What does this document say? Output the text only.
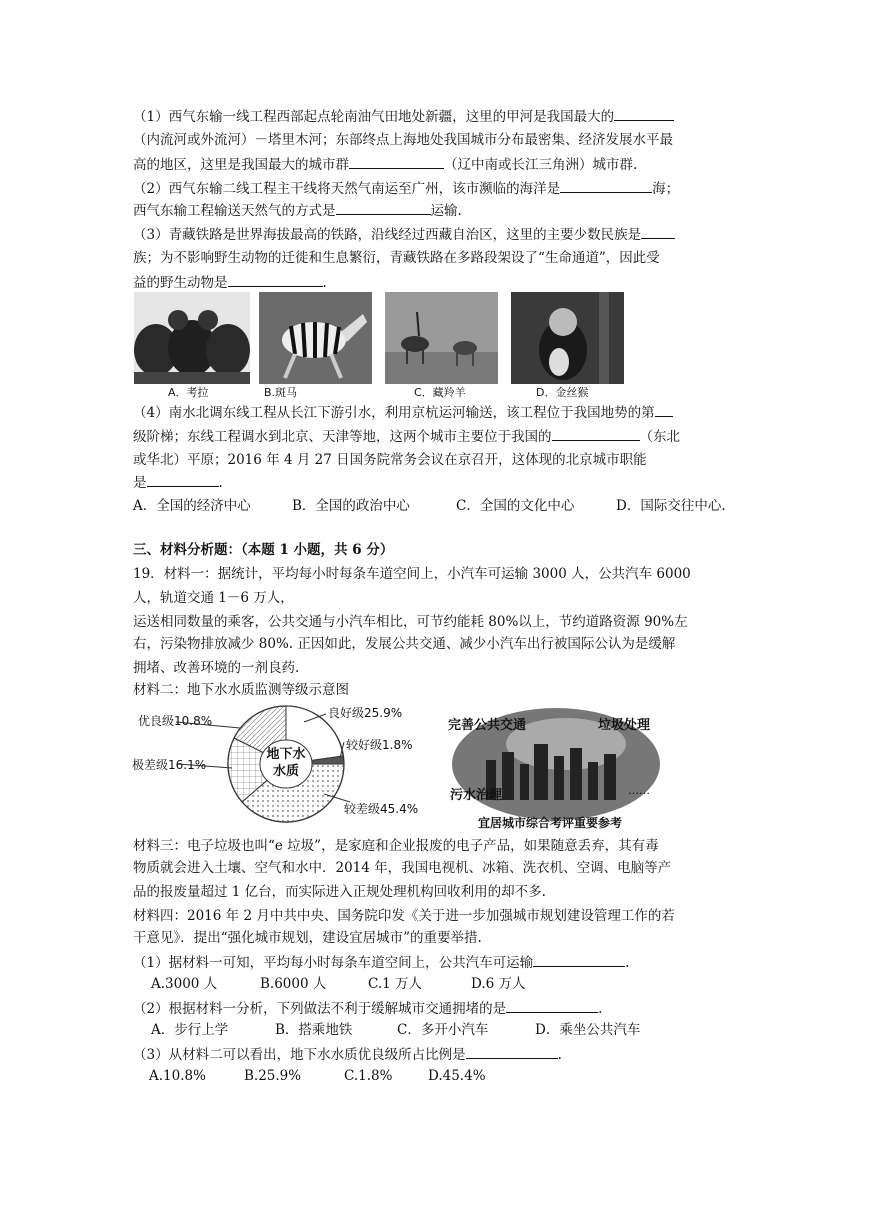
（1）西气东输一线工程西部起点轮南油气田地处新疆，这里的甲河是我国最大的
（内流河或外流河）－塔里木河；东部终点上海地处我国城市分布最密集、经济发展水平最
高的地区，这里是我国最大的城市群	（辽中南或长江三角洲）城市群.
（2）西气东输二线工程主干线将天然气南运至广州，该市濒临的海洋是	海；
西气东输工程输送天然气的方式是	运输.
（3）青藏铁路是世界海拔最高的铁路，沿线经过西藏自治区，这里的主要少数民族是
族；为不影响野生动物的迁徙和生息繁衍，青藏铁路在多路段架设了“生命通道”，因此受
益的野生动物是	.
A．考拉	B.斑马	C．藏羚羊	D．金丝猴
（4）南水北调东线工程从长江下游引水，利用京杭运河输送，该工程位于我国地势的第
级阶梯；东线工程调水到北京、天津等地，这两个城市主要位于我国的	（东北
或华北）平原；2016 年 4 月 27 日国务院常务会议在京召开，这体现的北京城市职能
是	.
A．全国的经济中心	B．全国的政治中心	C．全国的文化中心	D．国际交往中心.
三、材料分析题：（本题 1 小题，共 6 分）
19．材料一：据统计，平均每小时每条车道空间上，小汽车可运输 3000 人，公共汽车 6000
人，轨道交通 1－6 万人，
运送相同数量的乘客，公共交通与小汽车相比，可节约能耗 80%以上，节约道路资源 90%左
右，污染物排放减少 80%. 正因如此，发展公共交通、减少小汽车出行被国际公认为是缓解
拥堵、改善环境的一剂良药.
材料二：地下水水质监测等级示意图
地下水
水质
优良级10.8%
良好级25.9%
较好级1.8%
较差级45.4%
极差级16.1%
完善公共交通	垃圾处理
污水治理	……
宜居城市综合考评重要参考
材料三：电子垃圾也叫“e 垃圾”，是家庭和企业报废的电子产品，如果随意丢弃，其有毒
物质就会进入土壤、空气和水中．2014 年，我国电视机、冰箱、洗衣机、空调、电脑等产
品的报废量超过 1 亿台，而实际进入正规处理机构回收利用的却不多.
材料四：2016 年 2 月中共中央、国务院印发《关于进一步加强城市规划建设管理工作的若
干意见》．提出“强化城市规划，建设宜居城市”的重要举措.
（1）据材料一可知，平均每小时每条车道空间上，公共汽车可运输	.
A.3000 人	B.6000 人	C.1 万人	D.6 万人
（2）根据材料一分析，下列做法不利于缓解城市交通拥堵的是	.
A．步行上学	B．搭乘地铁	C．多开小汽车	D．乘坐公共汽车
（3）从材料二可以看出，地下水水质优良级所占比例是	.
A.10.8%	B.25.9%	C.1.8%	D.45.4%
